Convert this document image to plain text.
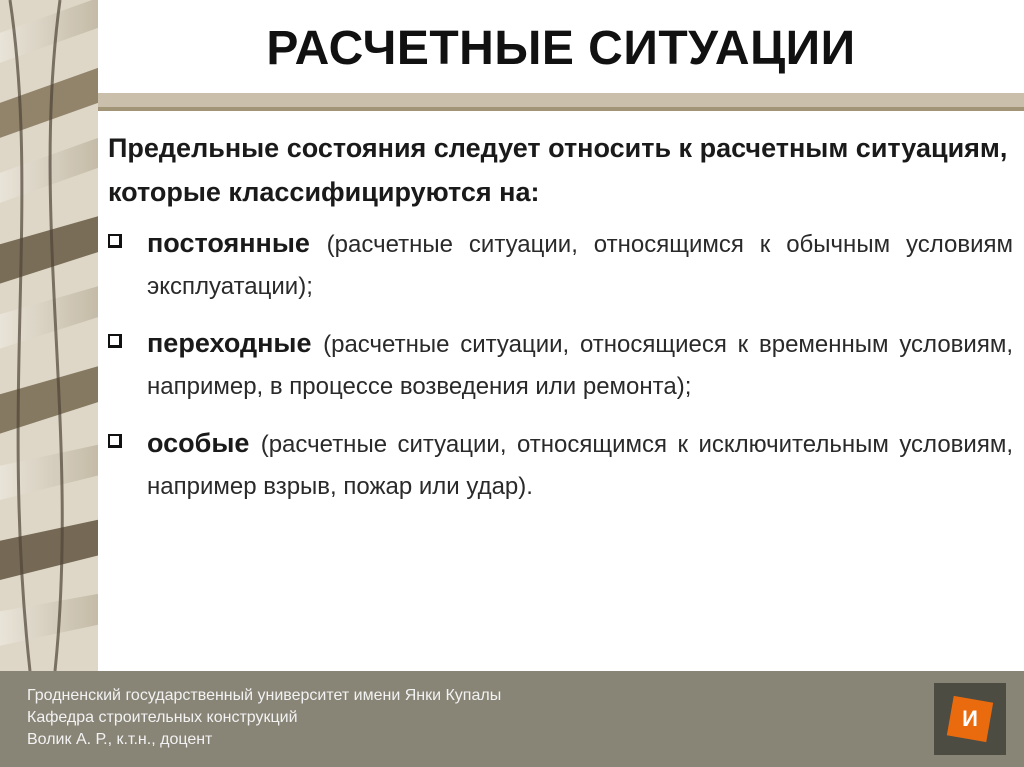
РАСЧЕТНЫЕ СИТУАЦИИ

Предельные состояния следует относить к расчетным ситуациям, которые классифицируются на:

постоянные (расчетные ситуации, относящимся к обычным условиям эксплуатации);
переходные (расчетные ситуации, относящиеся к временным условиям, например, в процессе возведения или ремонта);
особые (расчетные ситуации, относящимся к исключительным условиям, например взрыв, пожар или удар).
Гродненский государственный университет имени Янки Купалы
Кафедра строительных конструкций
Волик А. Р., к.т.н., доцент
И
